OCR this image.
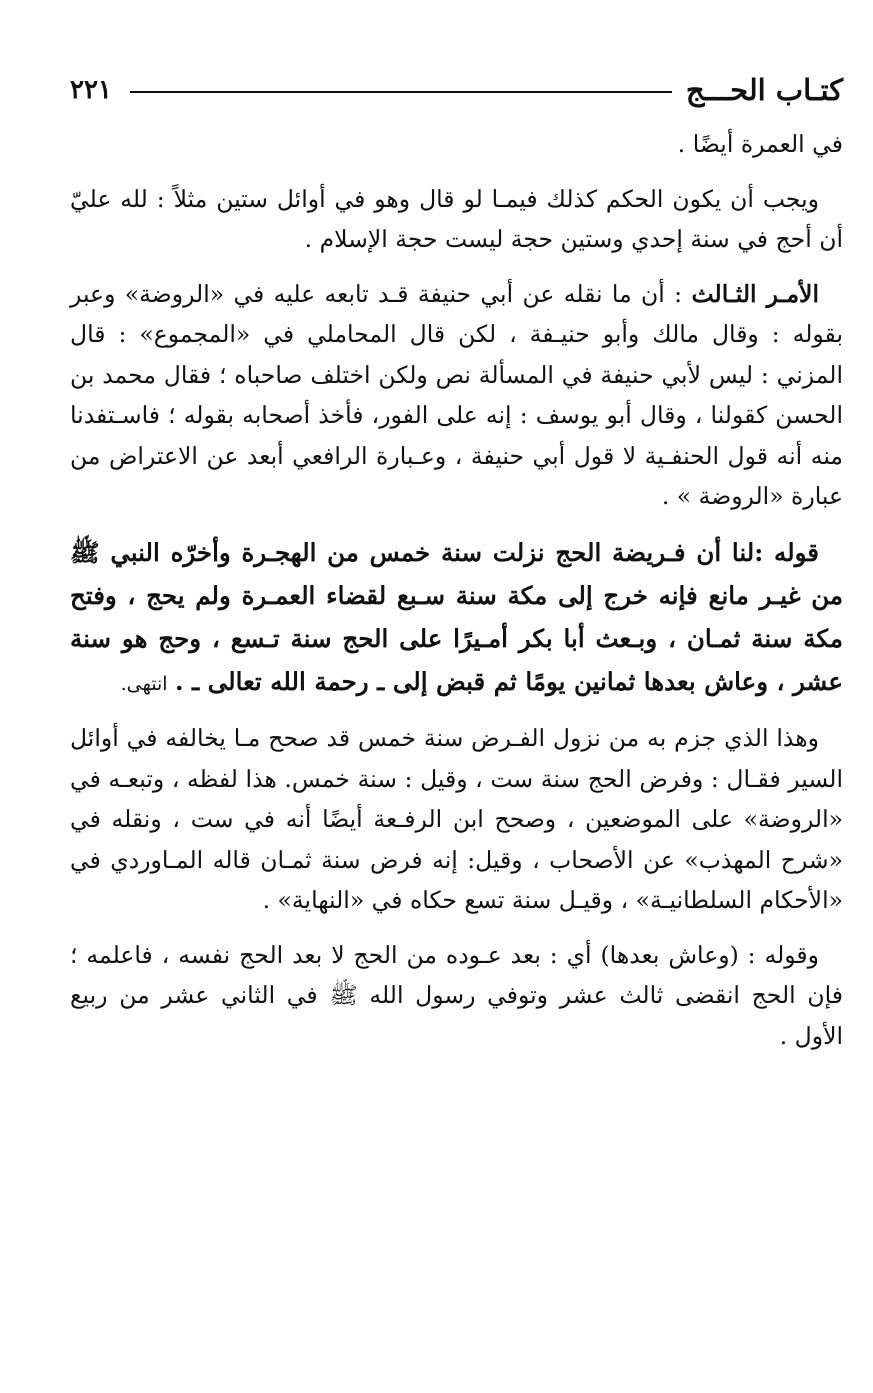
كتـاب الحـــج
٢٢١

في العمرة أيضًا .

ويجب أن يكون الحكم كذلك فيمـا لو قال وهو في أوائل ستين مثلاً : لله عليّ أن أحج في سنة إحدي وستين حجة ليست حجة الإسلام .

الأمـر الثـالث : أن ما نقله عن أبي حنيفة قـد تابعه عليه في «الروضة» وعبر بقوله : وقال مالك وأبو حنيـفة ، لكن قال المحاملي في «المجموع» : قال المزني : ليس لأبي حنيفة في المسألة نص ولكن اختلف صاحباه ؛ فقال محمد بن الحسن كقولنا ، وقال أبو يوسف : إنه على الفور، فأخذ أصحابه بقوله ؛ فاسـتفدنا منه أنه قول الحنفـية لا قول أبي حنيفة ، وعـبارة الرافعي أبعد عن الاعتراض من عبارة «الروضة » .

قوله :لنا أن فـريضة الحج نزلت سنة خمس من الهجـرة وأخرّه النبي ﷺ من غيـر مانع فإنه خرج إلى مكة سنة سـبع لقضاء العمـرة ولم يحج ، وفتح مكة سنة ثمـان ، وبـعث أبا بكر أمـيرًا على الحج سنة تـسع ، وحج هو سنة عشر ، وعاش بعدها ثمانين يومًا ثم قبض إلى ـ رحمة الله تعالى ـ . انتهى.

وهذا الذي جزم به من نزول الفـرض سنة خمس قد صحح مـا يخالفه في أوائل السير فقـال : وفرض الحج سنة ست ، وقيل : سنة خمس. هذا لفظه ، وتبعـه في «الروضة» على الموضعين ، وصحح ابن الرفـعة أيضًا أنه في ست ، ونقله في «شرح المهذب» عن الأصحاب ، وقيل: إنه فرض سنة ثمـان قاله المـاوردي في «الأحكام السلطانيـة» ، وقيـل سنة تسع حكاه في «النهاية» .

وقوله : (وعاش بعدها) أي : بعد عـوده من الحج لا بعد الحج نفسه ، فاعلمه ؛ فإن الحج انقضى ثالث عشر وتوفي رسول الله ﷺ في الثاني عشر من ربيع الأول .
